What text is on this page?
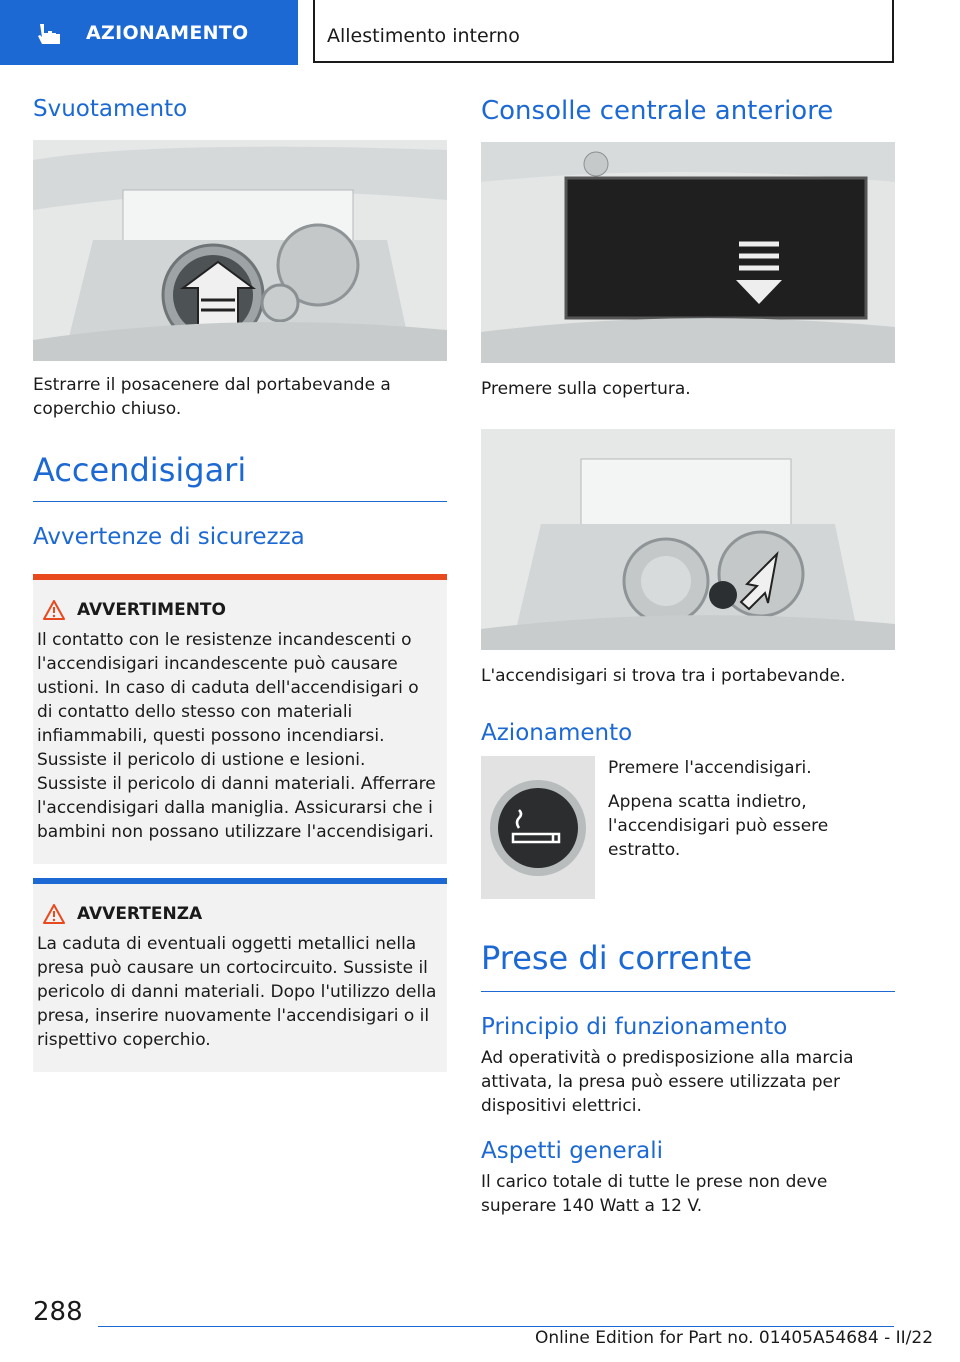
AZIONAMENTO	Allestimento interno
Svuotamento

Estrarre il posacenere dal portabevande a coperchio chiuso.

Accendisigari
Avvertenze di sicurezza
AVVERTIMENTO

Il contatto con le resistenze incandescenti o l'accendisigari incandescente può causare ustioni. In caso di caduta dell'accendisigari o di contatto dello stesso con materiali infiammabili, questi possono incendiarsi. Sussiste il pericolo di ustione e lesioni. Sussiste il pericolo di danni materiali. Afferrare l'accendisigari dalla maniglia. Assicurarsi che i bambini non possano utilizzare l'accendisigari.

AVVERTENZA

La caduta di eventuali oggetti metallici nella presa può causare un cortocircuito. Sussiste il pericolo di danni materiali. Dopo l'utilizzo della presa, inserire nuovamente l'accendisigari o il rispettivo coperchio.

Consolle centrale anteriore

Premere sulla copertura.

L'accendisigari si trova tra i portabevande.

Azionamento

Premere l'accendisigari.

Appena scatta indietro, l'accendisigari può essere estratto.

Prese di corrente
Principio di funzionamento

Ad operatività o predisposizione alla marcia attivata, la presa può essere utilizzata per dispositivi elettrici.

Aspetti generali

Il carico totale di tutte le prese non deve superare 140 Watt a 12 V.

288
Online Edition for Part no. 01405A54684 - II/22
